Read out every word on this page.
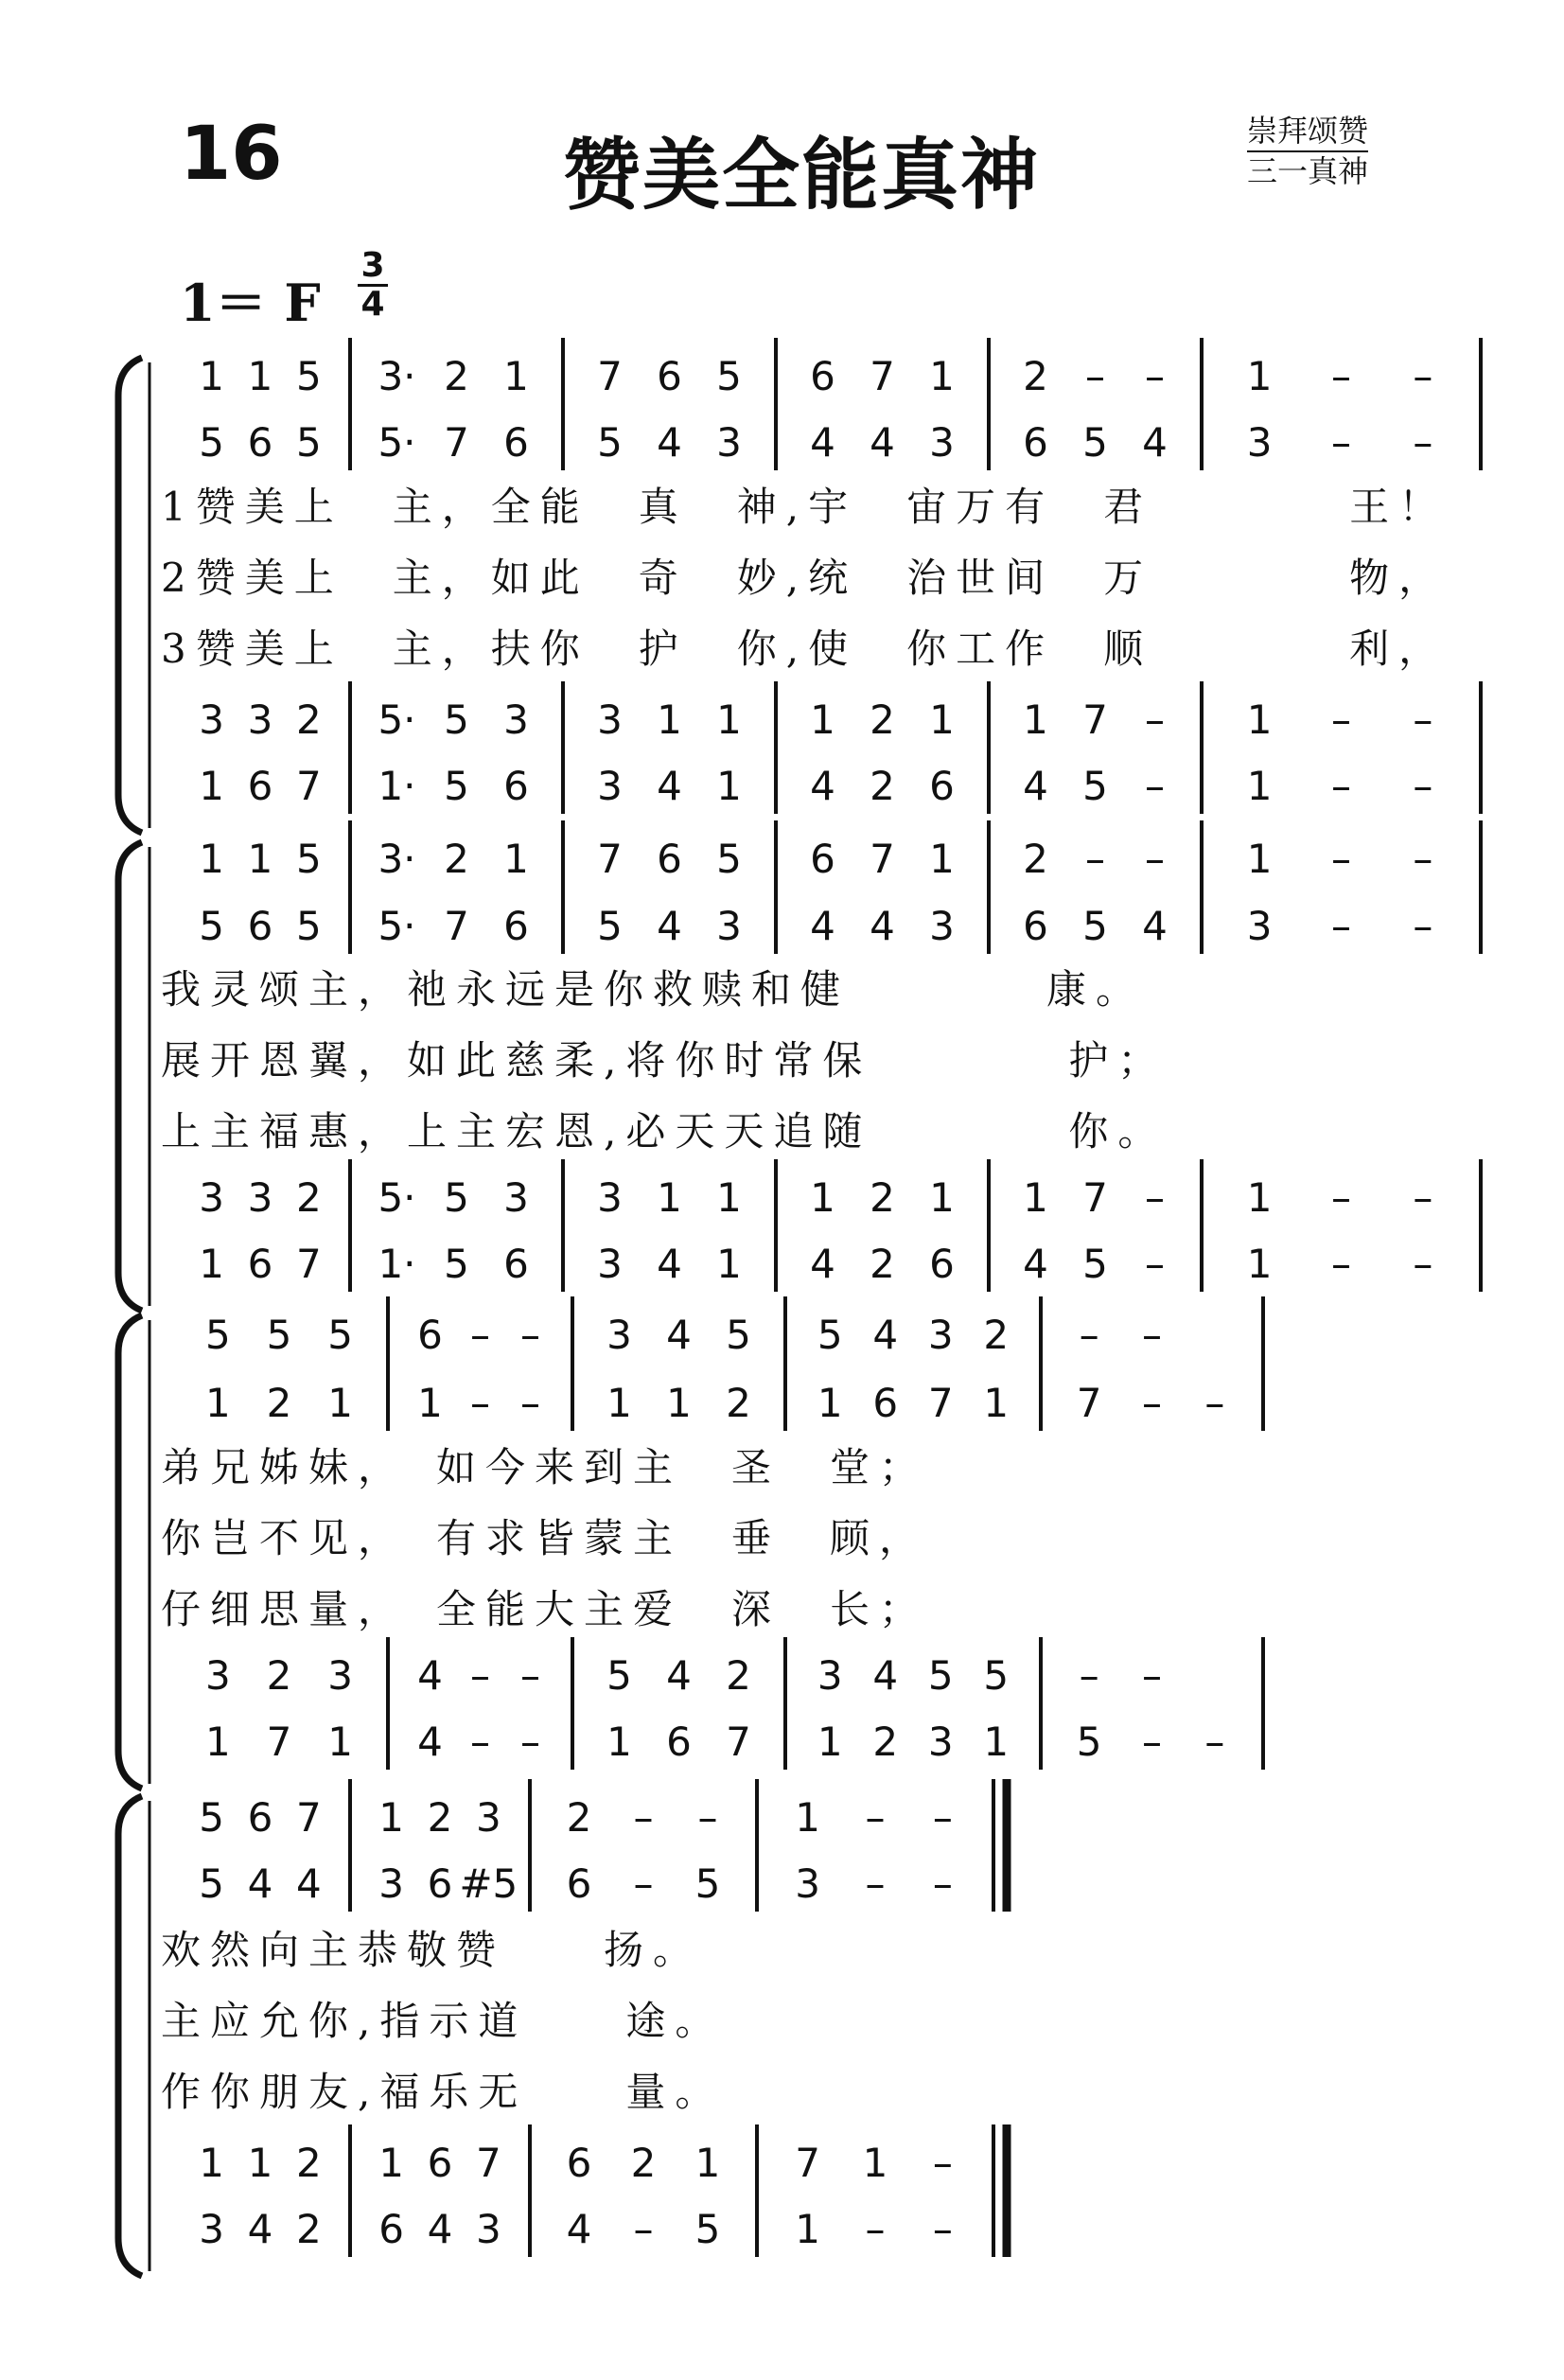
16	赞美全能真神	崇拜颂赞
三一真神
1＝ F
3
4
1 1 5 3· 2 1 7 6 5 6 7 1 2 – – 1 – –
5 6 5 5· 7 6 5 4 3 4 4 3 6 5 4 3 – –
3 3 2 5· 5 3 3 1 1 1 2 1 1 7 – 1 – –
1 6 7 1· 5 6 3 4 1 4 2 6 4 5 – 1 – –
1赞美上　主，全能　真　神,宇　宙万有　君　　　　王！
2赞美上　主，如此　奇　妙,统　治世间　万　　　　物，
3赞美上　主，扶你　护　你,使　你工作　顺　　　　利，
1 1 5 3· 2 1 7 6 5 6 7 1 2 – – 1 – –
5 6 5 5· 7 6 5 4 3 4 4 3 6 5 4 3 – –
3 3 2 5· 5 3 3 1 1 1 2 1 1 7 – 1 – –
1 6 7 1· 5 6 3 4 1 4 2 6 4 5 – 1 – –
我灵颂主，祂永远是你救赎和健　　　　康。
展开恩翼，如此慈柔,将你时常保　　　　护；
上主福惠，上主宏恩,必天天追随　　　　你。
5 5 5 6 – – 3 4 5 5 4 3 2 – –
1 2 1 1 – – 1 1 2 1 6 7 1 7 – –
3 2 3 4 – – 5 4 2 3 4 5 5 – –
1 7 1 4 – – 1 6 7 1 2 3 1 5 – –
弟兄姊妹，　如今来到主　圣　堂；
你岂不见，　有求皆蒙主　垂　顾，
仔细思量，　全能大主爱　深　长；
5 6 7 1 2 3 2 – – 1 – –
5 4 4 3 6 #5 6 – 5 3 – –
1 1 2 1 6 7 6 2 1 7 1 –
3 4 2 6 4 3 4 – 5 1 – –
欢然向主恭敬赞　　扬。
主应允你,指示道　　途。
作你朋友,福乐无　　量。
